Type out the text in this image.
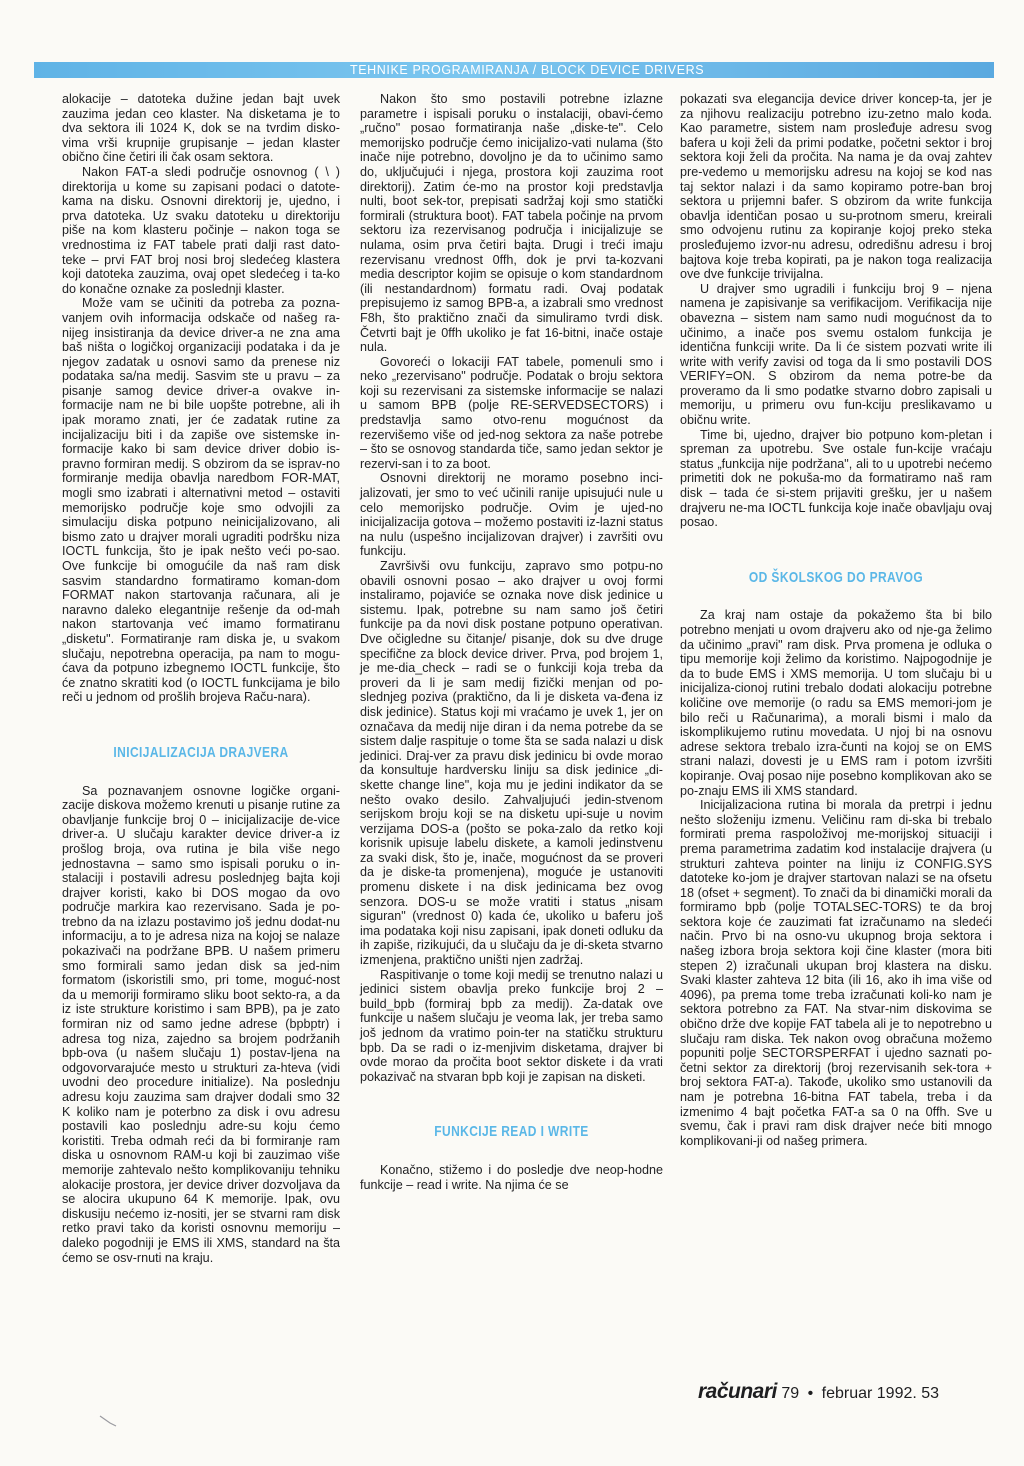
TEHNIKE PROGRAMIRANJA / BLOCK DEVICE DRIVERS

alokacije – datoteka dužine jedan bajt uvek zauzima jedan ceo klaster. Na disketama je to dva sektora ili 1024 K, dok se na tvrdim disko-vima vrši krupnije grupisanje – jedan klaster obično čine četiri ili čak osam sektora.

Nakon FAT-a sledi područje osnovnog ( \ ) direktorija u kome su zapisani podaci o datote-kama na disku. Osnovni direktorij je, ujedno, i prva datoteka. Uz svaku datoteku u direktoriju piše na kom klasteru počinje – nakon toga se vrednostima iz FAT tabele prati dalji rast dato-teke – prvi FAT broj nosi broj sledećeg klastera koji datoteka zauzima, ovaj opet sledećeg i ta-ko do konačne oznake za poslednji klaster.

Može vam se učiniti da potreba za pozna-vanjem ovih informacija odskače od našeg ra-nijeg insistiranja da device driver-a ne zna ama baš ništa o logičkoj organizaciji podataka i da je njegov zadatak u osnovi samo da prenese niz podataka sa/na medij. Sasvim ste u pravu – za pisanje samog device driver-a ovakve in-formacije nam ne bi bile uopšte potrebne, ali ih ipak moramo znati, jer će zadatak rutine za incijalizaciju biti i da zapiše ove sistemske in-formacije kako bi sam device driver dobio is-pravno formiran medij. S obzirom da se isprav-no formiranje medija obavlja naredbom FOR-MAT, mogli smo izabrati i alternativni metod – ostaviti memorijsko područje koje smo odvojili za simulaciju diska potpuno neinicijalizovano, ali bismo zato u drajver morali ugraditi podršku niza IOCTL funkcija, što je ipak nešto veći po-sao. Ove funkcije bi omogućile da naš ram disk sasvim standardno formatiramo koman-dom FORMAT nakon startovanja računara, ali je naravno daleko elegantnije rešenje da od-mah nakon startovanja već imamo formatiranu „disketu". Formatiranje ram diska je, u svakom slučaju, nepotrebna operacija, pa nam to mogu-ćava da potpuno izbegnemo IOCTL funkcije, što će znatno skratiti kod (o IOCTL funkcijama je bilo reči u jednom od prošlih brojeva Raču-nara).

INICIJALIZACIJA DRAJVERA

Sa poznavanjem osnovne logičke organi-zacije diskova možemo krenuti u pisanje rutine za obavljanje funkcije broj 0 – inicijalizacije de-vice driver-a. U slučaju karakter device driver-a iz prošlog broja, ova rutina je bila više nego jednostavna – samo smo ispisali poruku o in-stalaciji i postavili adresu poslednjeg bajta koji drajver koristi, kako bi DOS mogao da ovo područje markira kao rezervisano. Sada je po-trebno da na izlazu postavimo još jednu dodat-nu informaciju, a to je adresa niza na kojoj se nalaze pokazivači na podržane BPB. U našem primeru smo formirali samo jedan disk sa jed-nim formatom (iskoristili smo, pri tome, moguć-nost da u memoriji formiramo sliku boot sekto-ra, a da iz iste strukture koristimo i sam BPB), pa je zato formiran niz od samo jedne adrese (bpbptr) i adresa tog niza, zajedno sa brojem podržanih bpb-ova (u našem slučaju 1) postav-ljena na odgovorvarajuće mesto u strukturi za-hteva (vidi uvodni deo procedure initialize). Na poslednju adresu koju zauzima sam drajver dodali smo 32 K koliko nam je poterbno za disk i ovu adresu postavili kao poslednju adre-su koju ćemo koristiti. Treba odmah reći da bi formiranje ram diska u osnovnom RAM-u koji bi zauzimao više memorije zahtevalo nešto komplikovaniju tehniku alokacije prostora, jer device driver dozvoljava da se alocira ukupuno 64 K memorije. Ipak, ovu diskusiju nećemo iz-nositi, jer se stvarni ram disk retko pravi tako da koristi osnovnu memoriju – daleko pogodniji je EMS ili XMS, standard na šta ćemo se osv-rnuti na kraju.

Nakon što smo postavili potrebne izlazne parametre i ispisali poruku o instalaciji, obavi-ćemo „ručno" posao formatiranja naše „diske-te". Celo memorijsko područje ćemo inicijalizo-vati nulama (što inače nije potrebno, dovoljno je da to učinimo samo do, uključujući i njega, prostora koji zauzima root direktorij). Zatim će-mo na prostor koji predstavlja nulti, boot sek-tor, prepisati sadržaj koji smo statički formirali (struktura boot). FAT tabela počinje na prvom sektoru iza rezervisanog područja i inicijalizuje se nulama, osim prva četiri bajta. Drugi i treći imaju rezervisanu vrednost 0ffh, dok je prvi ta-kozvani media descriptor kojim se opisuje o kom standardnom (ili nestandardnom) formatu radi. Ovaj podatak prepisujemo iz samog BPB-a, a izabrali smo vrednost F8h, što praktično znači da simuliramo tvrdi disk. Četvrti bajt je 0ffh ukoliko je fat 16-bitni, inače ostaje nula.

Govoreći o lokaciji FAT tabele, pomenuli smo i neko „rezervisano" područje. Podatak o broju sektora koji su rezervisani za sistemske informacije se nalazi u samom BPB (polje RE-SERVEDSECTORS) i predstavlja samo otvo-renu mogućnost da rezervišemo više od jed-nog sektora za naše potrebe – što se osnovog standarda tiče, samo jedan sektor je rezervi-san i to za boot.

Osnovni direktorij ne moramo posebno inci-jalizovati, jer smo to već učinili ranije upisujući nule u celo memorijsko područje. Ovim je ujed-no inicijalizacija gotova – možemo postaviti iz-lazni status na nulu (uspešno incijalizovan drajver) i završiti ovu funkciju.

Završivši ovu funkciju, zapravo smo potpu-no obavili osnovni posao – ako drajver u ovoj formi instaliramo, pojaviće se oznaka nove disk jedinice u sistemu. Ipak, potrebne su nam samo još četiri funkcije pa da novi disk postane potpuno operativan. Dve očigledne su čitanje/ pisanje, dok su dve druge specifične za block device driver. Prva, pod brojem 1, je me-dia_check – radi se o funkciji koja treba da proveri da li je sam medij fizički menjan od po-slednjeg poziva (praktično, da li je disketa va-đena iz disk jedinice). Status koji mi vraćamo je uvek 1, jer on označava da medij nije diran i da nema potrebe da se sistem dalje raspituje o tome šta se sada nalazi u disk jedinici. Draj-ver za pravu disk jedinicu bi ovde morao da konsultuje hardversku liniju sa disk jedinice „di-skette change line", koja mu je jedini indikator da se nešto ovako desilo. Zahvaljujući jedin-stvenom serijskom broju koji se na disketu upi-suje u novim verzijama DOS-a (pošto se poka-zalo da retko koji korisnik upisuje labelu diskete, a kamoli jedinstvenu za svaki disk, što je, inače, mogućnost da se proveri da je diske-ta promenjena), moguće je ustanoviti promenu diskete i na disk jedinicama bez ovog senzora. DOS-u se može vratiti i status „nisam siguran" (vrednost 0) kada će, ukoliko u baferu još ima podataka koji nisu zapisani, ipak doneti odluku da ih zapiše, rizikujući, da u slučaju da je di-sketa stvarno izmenjena, praktično uništi njen zadržaj.

Raspitivanje o tome koji medij se trenutno nalazi u jedinici sistem obavlja preko funkcije broj 2 – build_bpb (formiraj bpb za medij). Za-datak ove funkcije u našem slučaju je veoma lak, jer treba samo još jednom da vratimo poin-ter na statičku strukturu bpb. Da se radi o iz-menjivim disketama, drajver bi ovde morao da pročita boot sektor diskete i da vrati pokazivač na stvaran bpb koji je zapisan na disketi.

FUNKCIJE READ I WRITE

Konačno, stižemo i do posledje dve neop-hodne funkcije – read i write. Na njima će se

pokazati sva elegancija device driver koncep-ta, jer je za njihovu realizaciju potrebno izu-zetno malo koda. Kao parametre, sistem nam prosleđuje adresu svog bafera u koji želi da primi podatke, početni sektor i broj sektora koji želi da pročita. Na nama je da ovaj zahtev pre-vedemo u memorijsku adresu na kojoj se kod nas taj sektor nalazi i da samo kopiramo potre-ban broj sektora u prijemni bafer. S obzirom da write funkcija obavlja identičan posao u su-protnom smeru, kreirali smo odvojenu rutinu za kopiranje kojoj preko steka prosleđujemo izvor-nu adresu, odredišnu adresu i broj bajtova koje treba kopirati, pa je nakon toga realizacija ove dve funkcije trivijalna.

U drajver smo ugradili i funkciju broj 9 – njena namena je zapisivanje sa verifikacijom. Verifikacija nije obavezna – sistem nam samo nudi mogućnost da to učinimo, a inače pos svemu ostalom funkcija je identična funkciji write. Da li će sistem pozvati write ili write with verify zavisi od toga da li smo postavili DOS VERIFY=ON. S obzirom da nema potre-be da proveramo da li smo podatke stvarno dobro zapisali u memoriju, u primeru ovu fun-kciju preslikavamo u običnu write.

Time bi, ujedno, drajver bio potpuno kom-pletan i spreman za upotrebu. Sve ostale fun-kcije vraćaju status „funkcija nije podržana", ali to u upotrebi nećemo primetiti dok ne pokuša-mo da formatiramo naš ram disk – tada će si-stem prijaviti grešku, jer u našem drajveru ne-ma IOCTL funkcija koje inače obavljaju ovaj posao.

OD ŠKOLSKOG DO PRAVOG

Za kraj nam ostaje da pokažemo šta bi bilo potrebno menjati u ovom drajveru ako od nje-ga želimo da učinimo „pravi" ram disk. Prva promena je odluka o tipu memorije koji želimo da koristimo. Najpogodnije je da to bude EMS i XMS memorija. U tom slučaju bi u inicijaliza-cionoj rutini trebalo dodati alokaciju potrebne količine ove memorije (o radu sa EMS memori-jom je bilo reči u Računarima), a morali bismi i malo da iskomplikujemo rutinu movedata. U njoj bi na osnovu adrese sektora trebalo izra-čunti na kojoj se on EMS strani nalazi, dovesti je u EMS ram i potom izvršiti kopiranje. Ovaj posao nije posebno komplikovan ako se po-znaju EMS ili XMS standard.

Inicijalizaciona rutina bi morala da pretrpi i jednu nešto složeniju izmenu. Veličinu ram di-ska bi trebalo formirati prema raspoloživoj me-morijskoj situaciji i prema parametrima zadatim kod instalacije drajvera (u strukturi zahteva pointer na liniju iz CONFIG.SYS datoteke ko-jom je drajver startovan nalazi se na ofsetu 18 (ofset + segment). To znači da bi dinamički morali da formiramo bpb (polje TOTALSEC-TORS) te da broj sektora koje će zauzimati fat izračunamo na sledeći način. Prvo bi na osno-vu ukupnog broja sektora i našeg izbora broja sektora koji čine klaster (mora biti stepen 2) izračunali ukupan broj klastera na disku. Svaki klaster zahteva 12 bita (ili 16, ako ih ima više od 4096), pa prema tome treba izračunati koli-ko nam je sektora potrebno za FAT. Na stvar-nim diskovima se obično drže dve kopije FAT tabela ali je to nepotrebno u slučaju ram diska. Tek nakon ovog obračuna možemo popuniti polje SECTORSPERFAT i ujedno saznati po-četni sektor za direktorij (broj rezervisanih sek-tora + broj sektora FAT-a). Takođe, ukoliko smo ustanovili da nam je potrebna 16-bitna FAT tabela, treba i da izmenimo 4 bajt početka FAT-a sa 0 na 0ffh. Sve u svemu, čak i pravi ram disk drajver neće biti mnogo komplikovani-ji od našeg primera.

računari 79 • februar 1992. 53
